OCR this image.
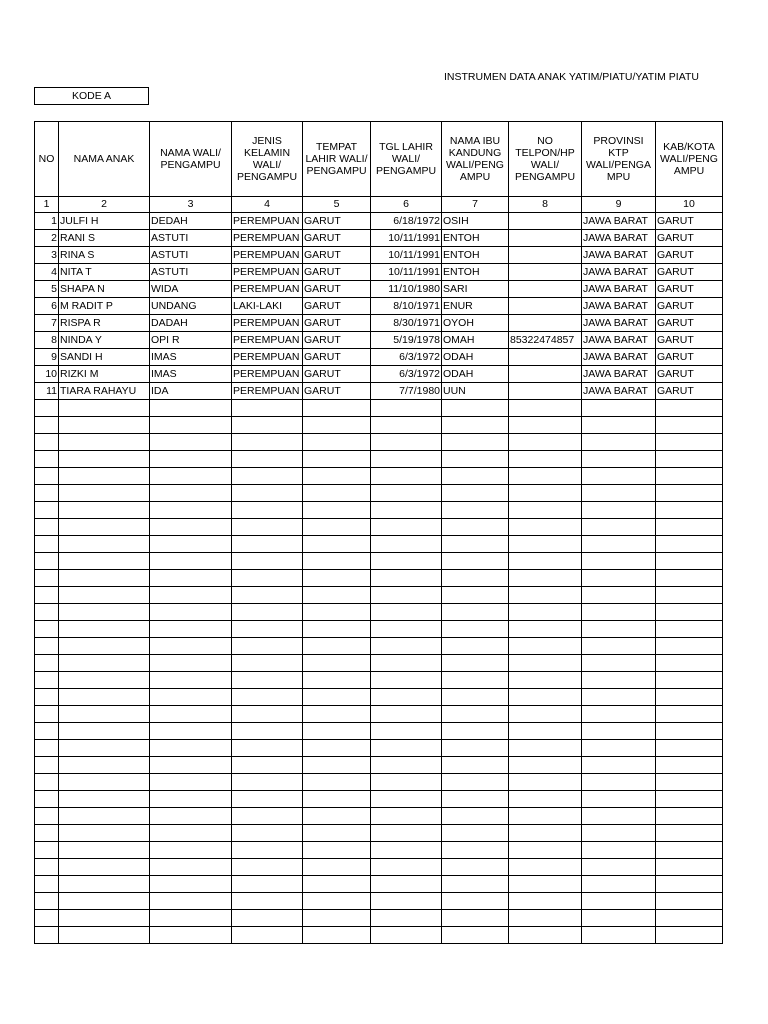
INSTRUMEN DATA ANAK YATIM/PIATU/YATIM PIATU
KODE A
NO	NAMA ANAK	NAMA WALI/ PENGAMPU	JENIS KELAMIN WALI/ PENGAMPU	TEMPAT LAHIR WALI/ PENGAMPU	TGL LAHIR WALI/ PENGAMPU	NAMA IBU KANDUNG WALI/PENG AMPU	NO TELPON/HP WALI/ PENGAMPU	PROVINSI KTP WALI/PENGA MPU	KAB/KOTA WALI/PENG AMPU
1	2	3	4	5	6	7	8	9	10
1	JULFI H	DEDAH	PEREMPUAN	GARUT	6/18/1972	OSIH		JAWA BARAT	GARUT
2	RANI S	ASTUTI	PEREMPUAN	GARUT	10/11/1991	ENTOH		JAWA BARAT	GARUT
3	RINA S	ASTUTI	PEREMPUAN	GARUT	10/11/1991	ENTOH		JAWA BARAT	GARUT
4	NITA T	ASTUTI	PEREMPUAN	GARUT	10/11/1991	ENTOH		JAWA BARAT	GARUT
5	SHAPA N	WIDA	PEREMPUAN	GARUT	11/10/1980	SARI		JAWA BARAT	GARUT
6	M RADIT P	UNDANG	LAKI-LAKI	GARUT	8/10/1971	ENUR		JAWA BARAT	GARUT
7	RISPA R	DADAH	PEREMPUAN	GARUT	8/30/1971	OYOH		JAWA BARAT	GARUT
8	NINDA Y	OPI R	PEREMPUAN	GARUT	5/19/1978	OMAH	85322474857	JAWA BARAT	GARUT
9	SANDI H	IMAS	PEREMPUAN	GARUT	6/3/1972	ODAH		JAWA BARAT	GARUT
10	RIZKI M	IMAS	PEREMPUAN	GARUT	6/3/1972	ODAH		JAWA BARAT	GARUT
11	TIARA RAHAYU	IDA	PEREMPUAN	GARUT	7/7/1980	UUN		JAWA BARAT	GARUT
